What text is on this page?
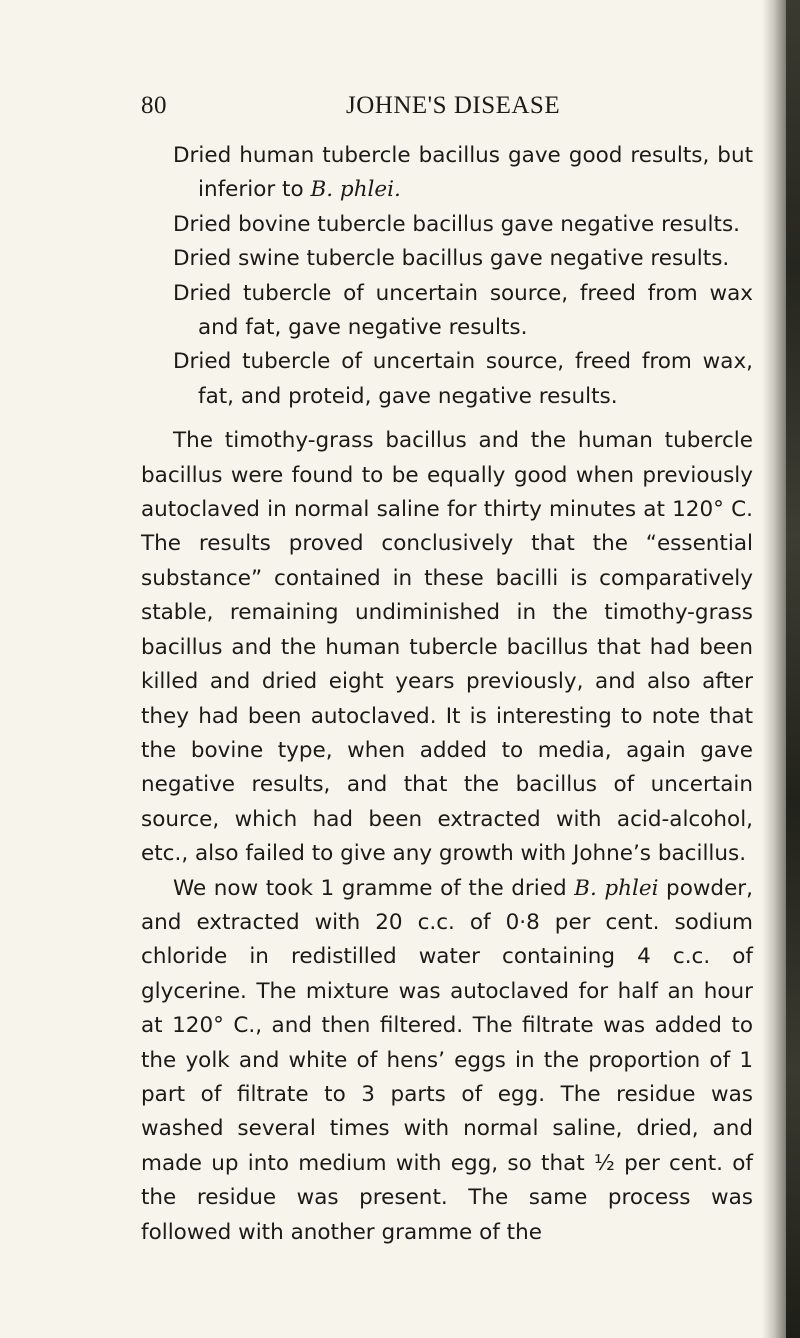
80	JOHNE'S DISEASE

Dried human tubercle bacillus gave good results, but inferior to B. phlei.

Dried bovine tubercle bacillus gave negative results.

Dried swine tubercle bacillus gave negative results.

Dried tubercle of uncertain source, freed from wax and fat, gave negative results.

Dried tubercle of uncertain source, freed from wax, fat, and proteid, gave negative results.

The timothy-grass bacillus and the human tubercle bacillus were found to be equally good when previously autoclaved in normal saline for thirty minutes at 120° C. The results proved conclusively that the “essential substance” contained in these bacilli is comparatively stable, remaining undiminished in the timothy-grass bacillus and the human tubercle bacillus that had been killed and dried eight years previously, and also after they had been autoclaved. It is interesting to note that the bovine type, when added to media, again gave negative results, and that the bacillus of uncertain source, which had been extracted with acid-alcohol, etc., also failed to give any growth with Johne’s bacillus.

We now took 1 gramme of the dried B. phlei powder, and extracted with 20 c.c. of 0·8 per cent. sodium chloride in redistilled water containing 4 c.c. of glycerine. The mixture was autoclaved for half an hour at 120° C., and then filtered. The filtrate was added to the yolk and white of hens’ eggs in the proportion of 1 part of filtrate to 3 parts of egg. The residue was washed several times with normal saline, dried, and made up into medium with egg, so that ½ per cent. of the residue was present. The same process was followed with another gramme of the
